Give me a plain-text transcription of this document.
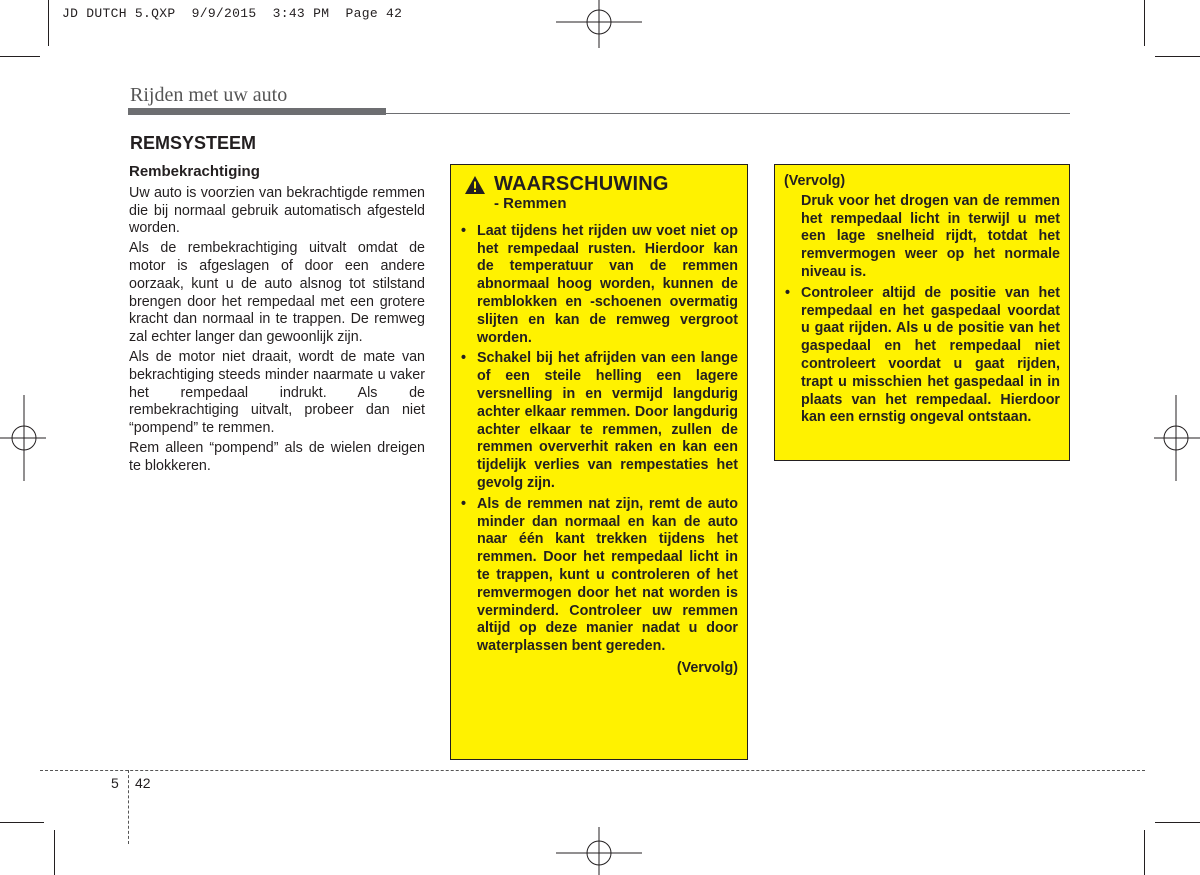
JD DUTCH 5.QXP  9/9/2015  3:43 PM  Page 42
Rijden met uw auto
REMSYSTEEM
Rembekrachtiging

Uw auto is voorzien van bekrachtigde remmen die bij normaal gebruik automatisch afgesteld worden.

Als de rembekrachtiging uitvalt omdat de motor is afgeslagen of door een andere oorzaak, kunt u de auto alsnog tot stilstand brengen door het rempedaal met een grotere kracht dan normaal in te trappen. De remweg zal echter langer dan gewoonlijk zijn.

Als de motor niet draait, wordt de mate van bekrachtiging steeds minder naarmate u vaker het rempedaal indrukt. Als de rembekrachtiging uitvalt, probeer dan niet “pompend” te remmen.

Rem alleen “pompend” als de wielen dreigen te blokkeren.

WAARSCHUWING
- Remmen
• Laat tijdens het rijden uw voet niet op het rempedaal rusten. Hierdoor kan de temperatuur van de remmen abnormaal hoog worden, kunnen de remblokken en -schoenen overmatig slijten en kan de remweg vergroot worden.
• Schakel bij het afrijden van een lange of een steile helling een lagere versnelling in en vermijd langdurig achter elkaar remmen. Door langdurig achter elkaar te remmen, zullen de remmen oververhit raken en kan een tijdelijk verlies van rempestaties het gevolg zijn.
• Als de remmen nat zijn, remt de auto minder dan normaal en kan de auto naar één kant trekken tijdens het remmen. Door het rempedaal licht in te trappen, kunt u controleren of het remvermogen door het nat worden is verminderd. Controleer uw remmen altijd op deze manier nadat u door waterplassen bent gereden.
(Vervolg)
(Vervolg)
Druk voor het drogen van de remmen het rempedaal licht in terwijl u met een lage snelheid rijdt, totdat het remvermogen weer op het normale niveau is.
• Controleer altijd de positie van het rempedaal en het gaspedaal voordat u gaat rijden. Als u de positie van het gaspedaal en het rempedaal niet controleert voordat u gaat rijden, trapt u misschien het gaspedaal in in plaats van het rempedaal. Hierdoor kan een ernstig ongeval ontstaan.
5 42
